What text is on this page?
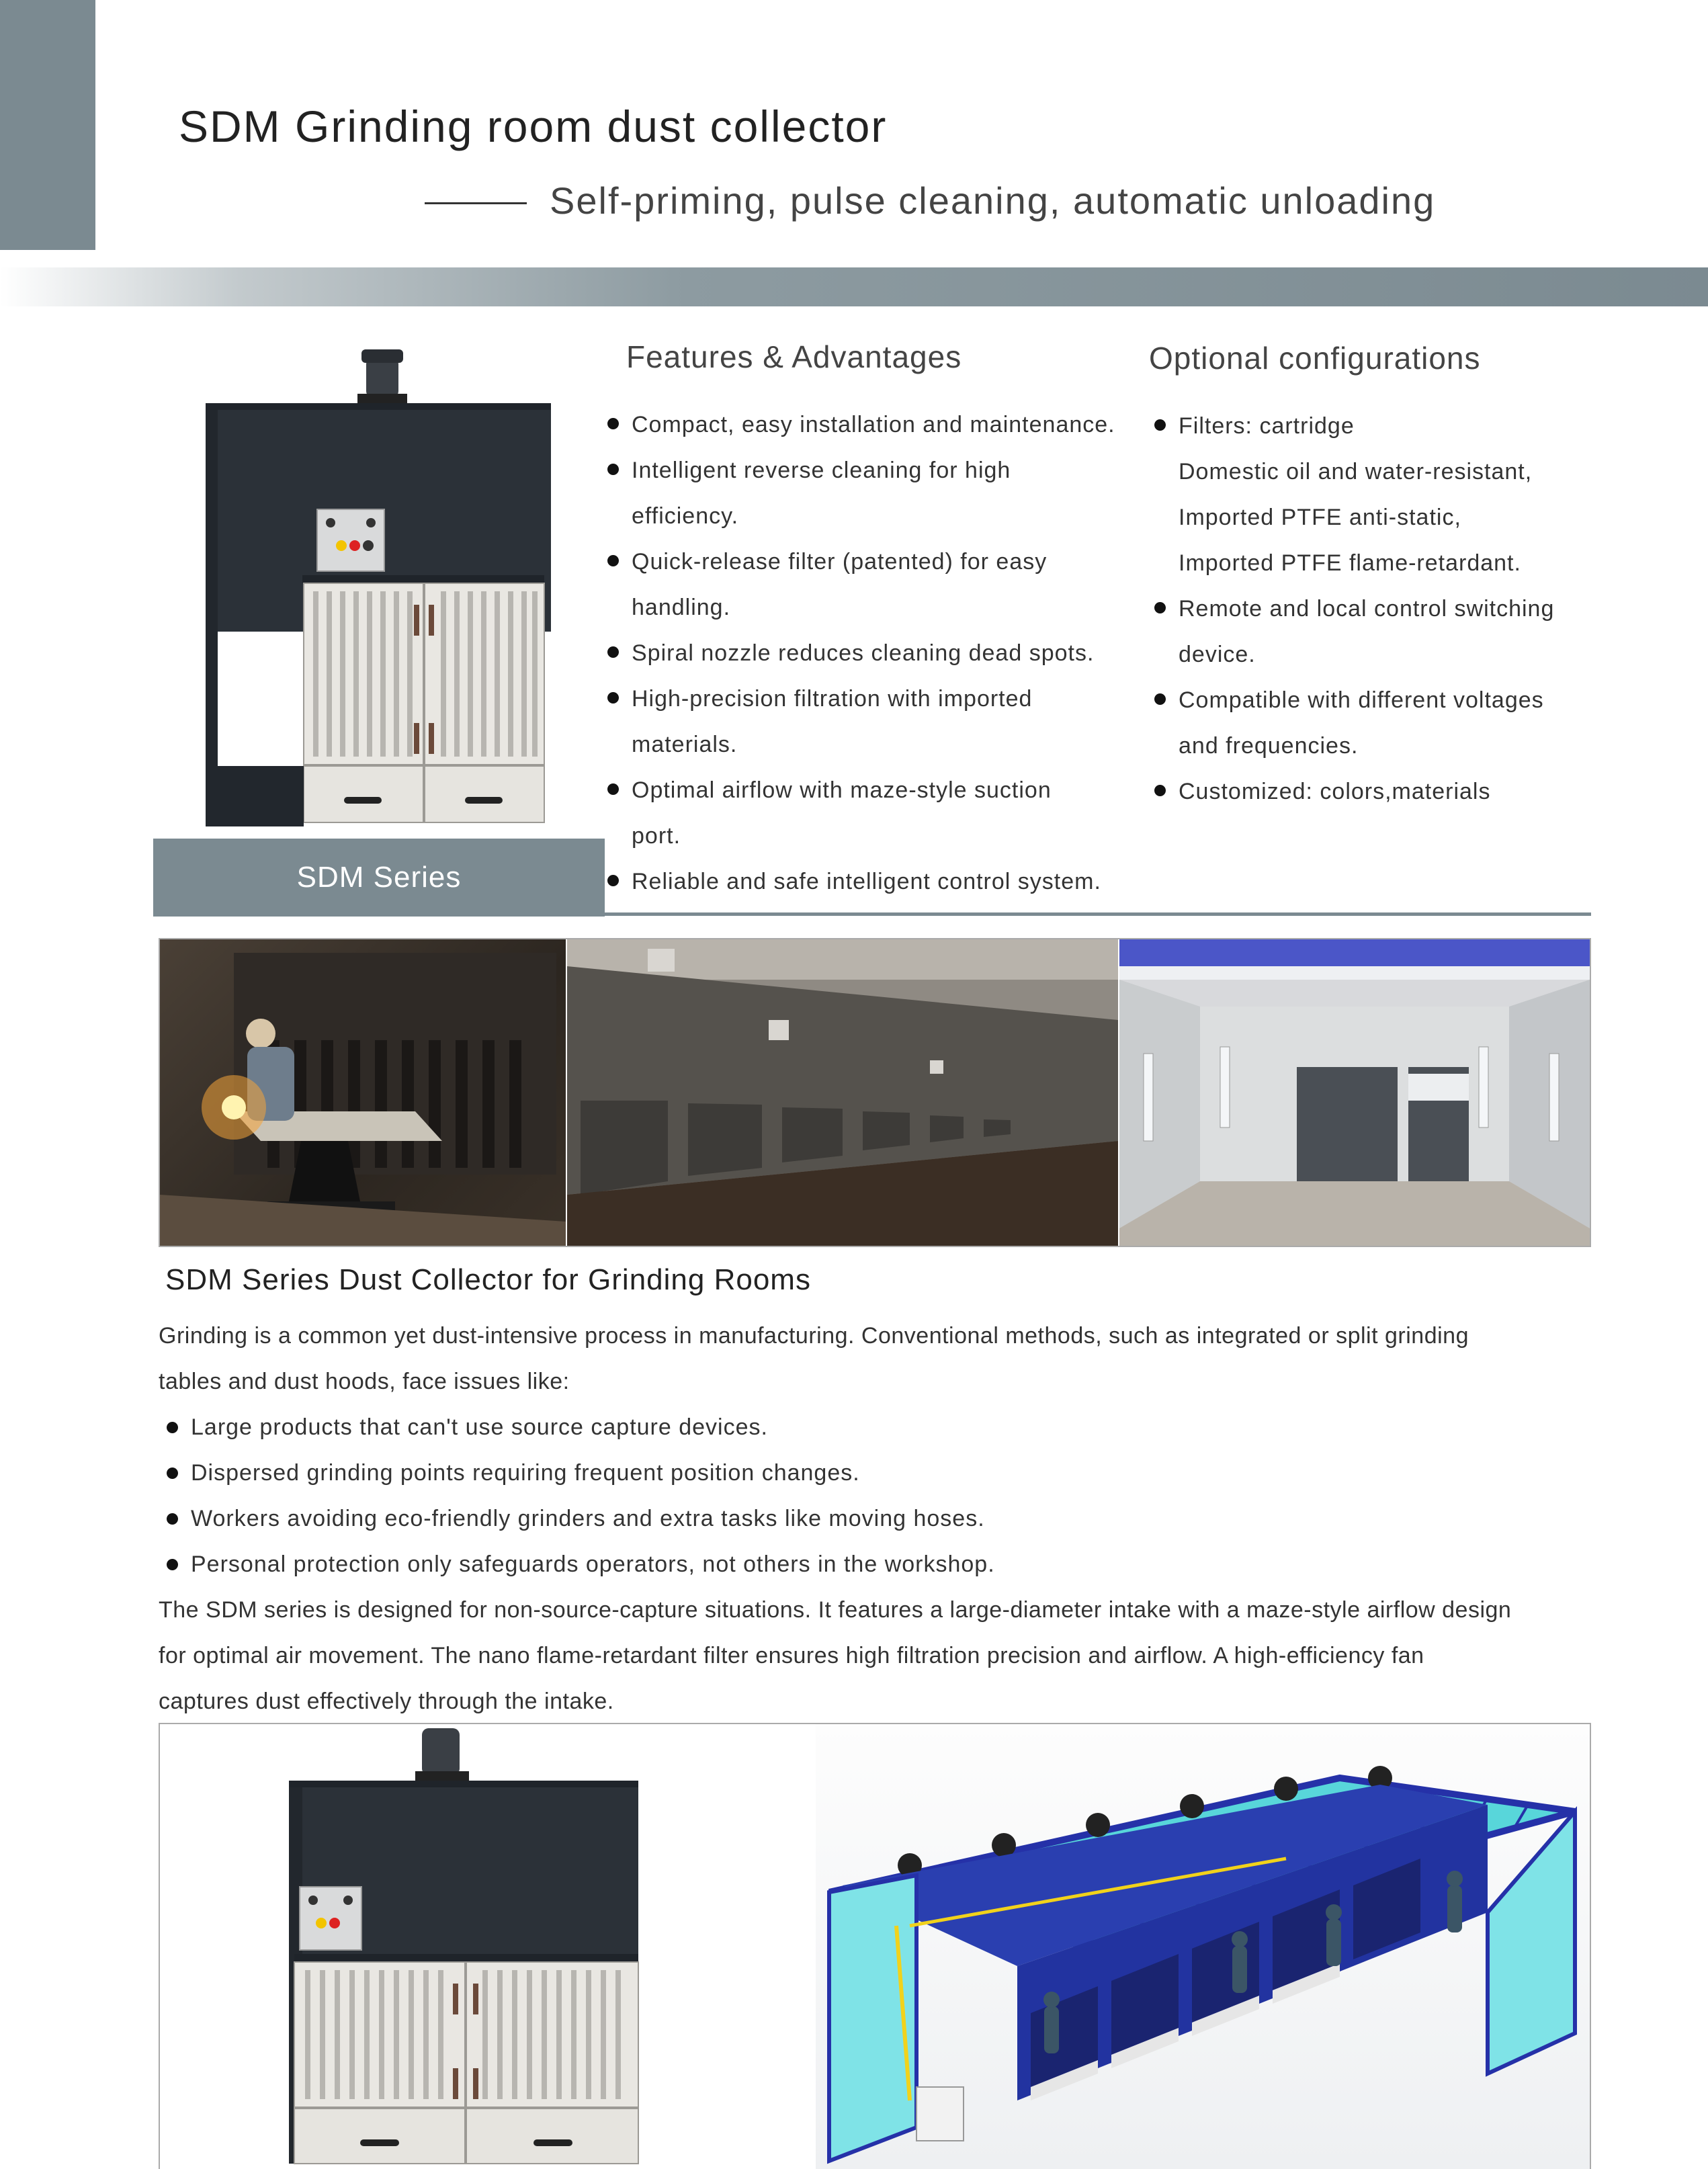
SDM Grinding room dust collector
Self-priming, pulse cleaning, automatic unloading
SDM Series
Features & Advantages
Compact, easy installation and maintenance.
Intelligent reverse cleaning for high
efficiency.
Quick-release filter (patented) for easy
handling.
Spiral nozzle reduces cleaning dead spots.
High-precision filtration with imported
materials.
Optimal airflow with maze-style suction
port.
Reliable and safe intelligent control system.
Optional configurations
Filters: cartridge
Domestic oil and water-resistant,
Imported PTFE anti-static,
Imported PTFE flame-retardant.
Remote and local control switching
device.
Compatible with different voltages
and frequencies.
Customized: colors,materials
SDM Series Dust Collector for Grinding Rooms

Grinding is a common yet dust-intensive process in manufacturing. Conventional methods, such as integrated or split grinding

tables and dust hoods, face issues like:

Large products that can't use source capture devices.
Dispersed grinding points requiring frequent position changes.
Workers avoiding eco-friendly grinders and extra tasks like moving hoses.
Personal protection only safeguards operators, not others in the workshop.

The SDM series is designed for non-source-capture situations. It features a large-diameter intake with a maze-style airflow design

for optimal air movement. The nano flame-retardant filter ensures high filtration precision and airflow. A high-efficiency fan

captures dust effectively through the intake.
